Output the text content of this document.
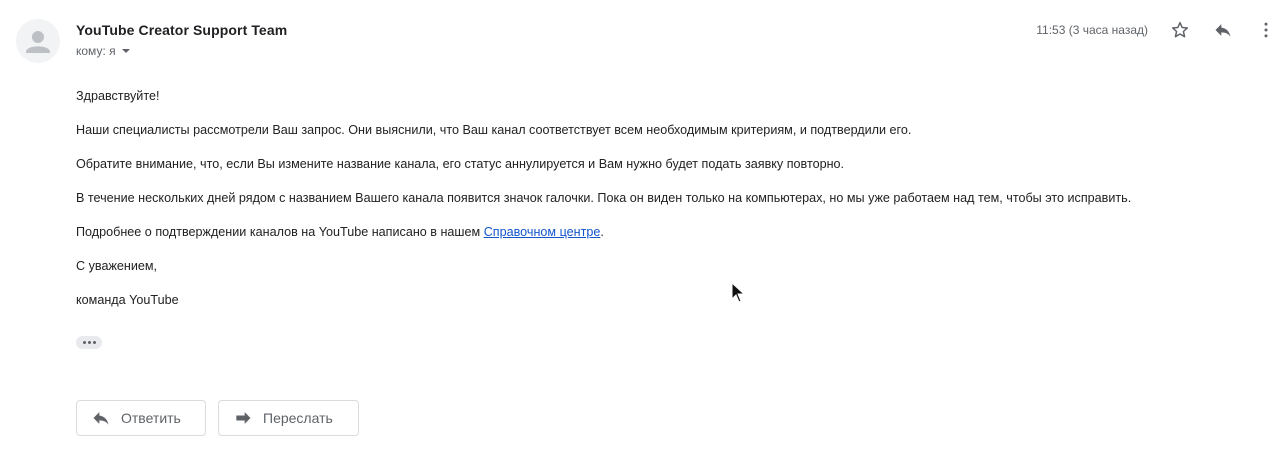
YouTube Creator Support Team
кому: я
11:53 (3 часа назад)

Здравствуйте!

Наши специалисты рассмотрели Ваш запрос. Они выяснили, что Ваш канал соответствует всем необходимым критериям, и подтвердили его.

Обратите внимание, что, если Вы измените название канала, его статус аннулируется и Вам нужно будет подать заявку повторно.

В течение нескольких дней рядом с названием Вашего канала появится значок галочки. Пока он виден только на компьютерах, но мы уже работаем над тем, чтобы это исправить.

Подробнее о подтверждении каналов на YouTube написано в нашем Справочном центре.

С уважением,

команда YouTube

Ответить	Переслать
